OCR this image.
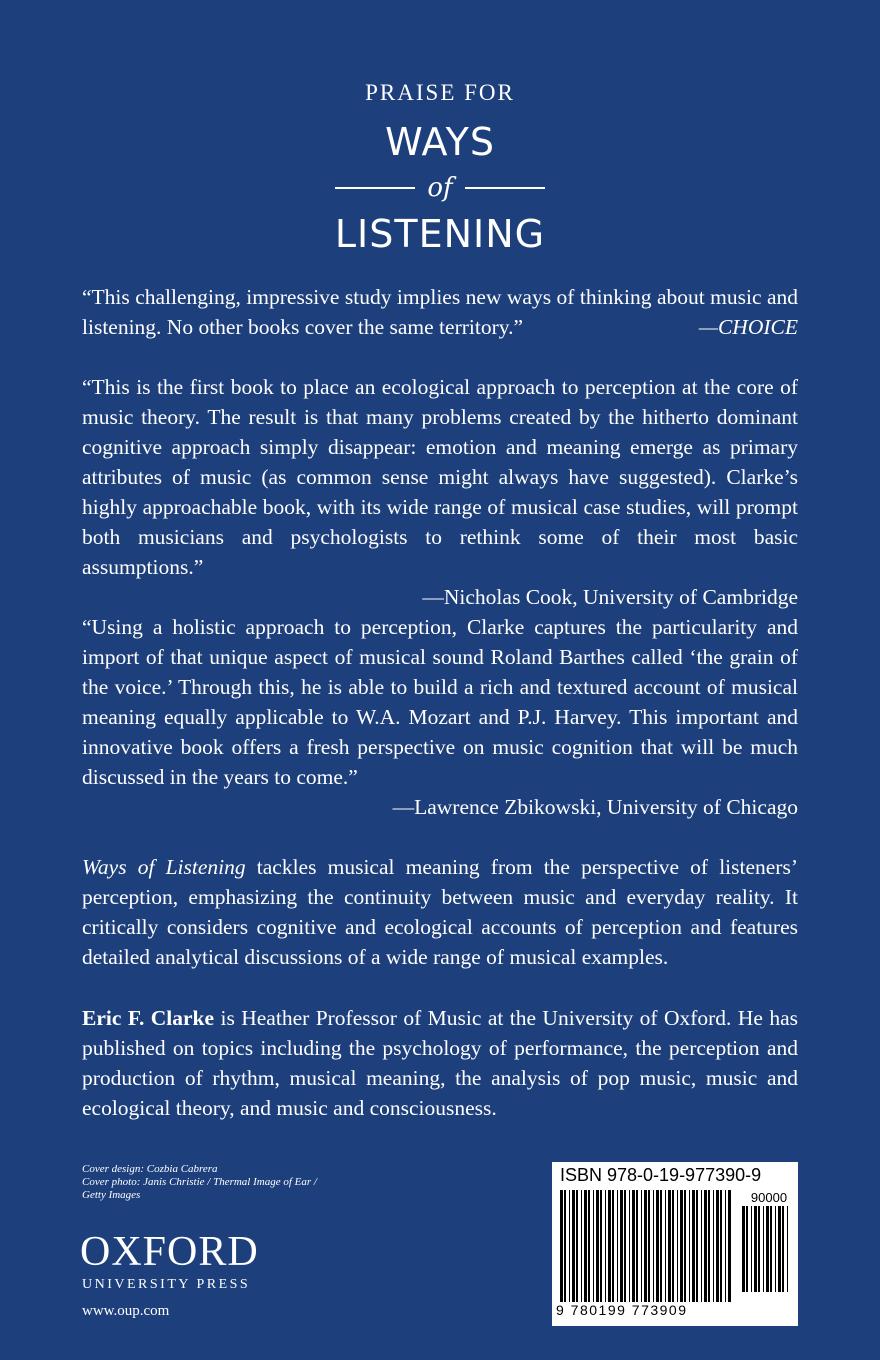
PRAISE FOR
WAYS
of
LISTENING
“This challenging, impressive study implies new ways of thinking about music and listening. No other books cover the same territory.”	—CHOICE
“This is the first book to place an ecological approach to perception at the core of music theory. The result is that many problems created by the hitherto dominant cognitive approach simply disappear: emotion and meaning emerge as primary attributes of music (as common sense might always have suggested). Clarke’s highly approachable book, with its wide range of musical case studies, will prompt both musicians and psychologists to rethink some of their most basic assumptions.”
—Nicholas Cook, University of Cambridge
“Using a holistic approach to perception, Clarke captures the particularity and import of that unique aspect of musical sound Roland Barthes called ‘the grain of the voice.’ Through this, he is able to build a rich and textured account of musical meaning equally applicable to W.A. Mozart and P.J. Harvey. This important and innovative book offers a fresh perspective on music cognition that will be much discussed in the years to come.”
—Lawrence Zbikowski, University of Chicago
Ways of Listening tackles musical meaning from the perspective of listeners’ perception, emphasizing the continuity between music and everyday reality. It critically considers cognitive and ecological accounts of perception and features detailed analytical discussions of a wide range of musical examples.
Eric F. Clarke is Heather Professor of Music at the University of Oxford. He has published on topics including the psychology of performance, the perception and production of rhythm, musical meaning, the analysis of pop music, music and ecological theory, and music and consciousness.
Cover design: Cozbia Cabrera
Cover photo: Janis Christie / Thermal Image of Ear / Getty Images
OXFORD
UNIVERSITY PRESS
www.oup.com
ISBN 978-0-19-977390-9
90000
9 780199 773909
